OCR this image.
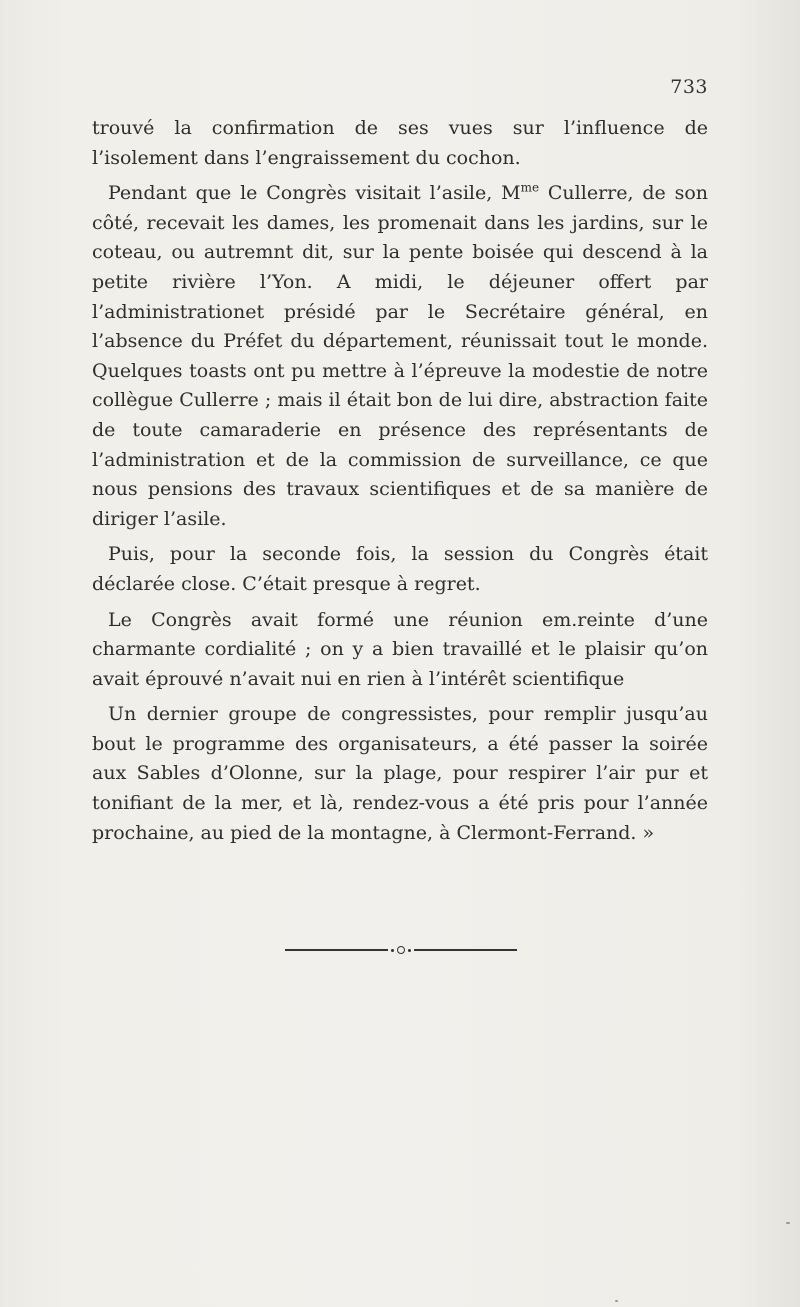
733

trouvé la confirmation de ses vues sur l’influence de l’isolement dans l’engraissement du cochon.

Pendant que le Congrès visitait l’asile, $M^{me}$ Cullerre, de son côté, recevait les dames, les promenait dans les jardins, sur le coteau, ou autremnt dit, sur la pente boisée qui descend à la petite rivière l’Yon. A midi, le déjeuner offert par l’administrationet présidé par le Secrétaire général, en l’absence du Préfet du département, réunissait tout le monde. Quelques toasts ont pu mettre à l’épreuve la modestie de notre collègue Cullerre ; mais il était bon de lui dire, abstraction faite de toute camaraderie en présence des représentants de l’administration et de la commission de surveillance, ce que nous pensions des travaux scientifiques et de sa manière de diriger l’asile.

Puis, pour la seconde fois, la session du Congrès était déclarée close. C’était presque à regret.

Le Congrès avait formé une réunion em.reinte d’une charmante cordialité ; on y a bien travaillé et le plaisir qu’on avait éprouvé n’avait nui en rien à l’intérêt scientifique

Un dernier groupe de congressistes, pour remplir jusqu’au bout le programme des organisateurs, a été passer la soirée aux Sables d’Olonne, sur la plage, pour respirer l’air pur et tonifiant de la mer, et là, rendez-vous a été pris pour l’année prochaine, au pied de la montagne, à Clermont-Ferrand. »
